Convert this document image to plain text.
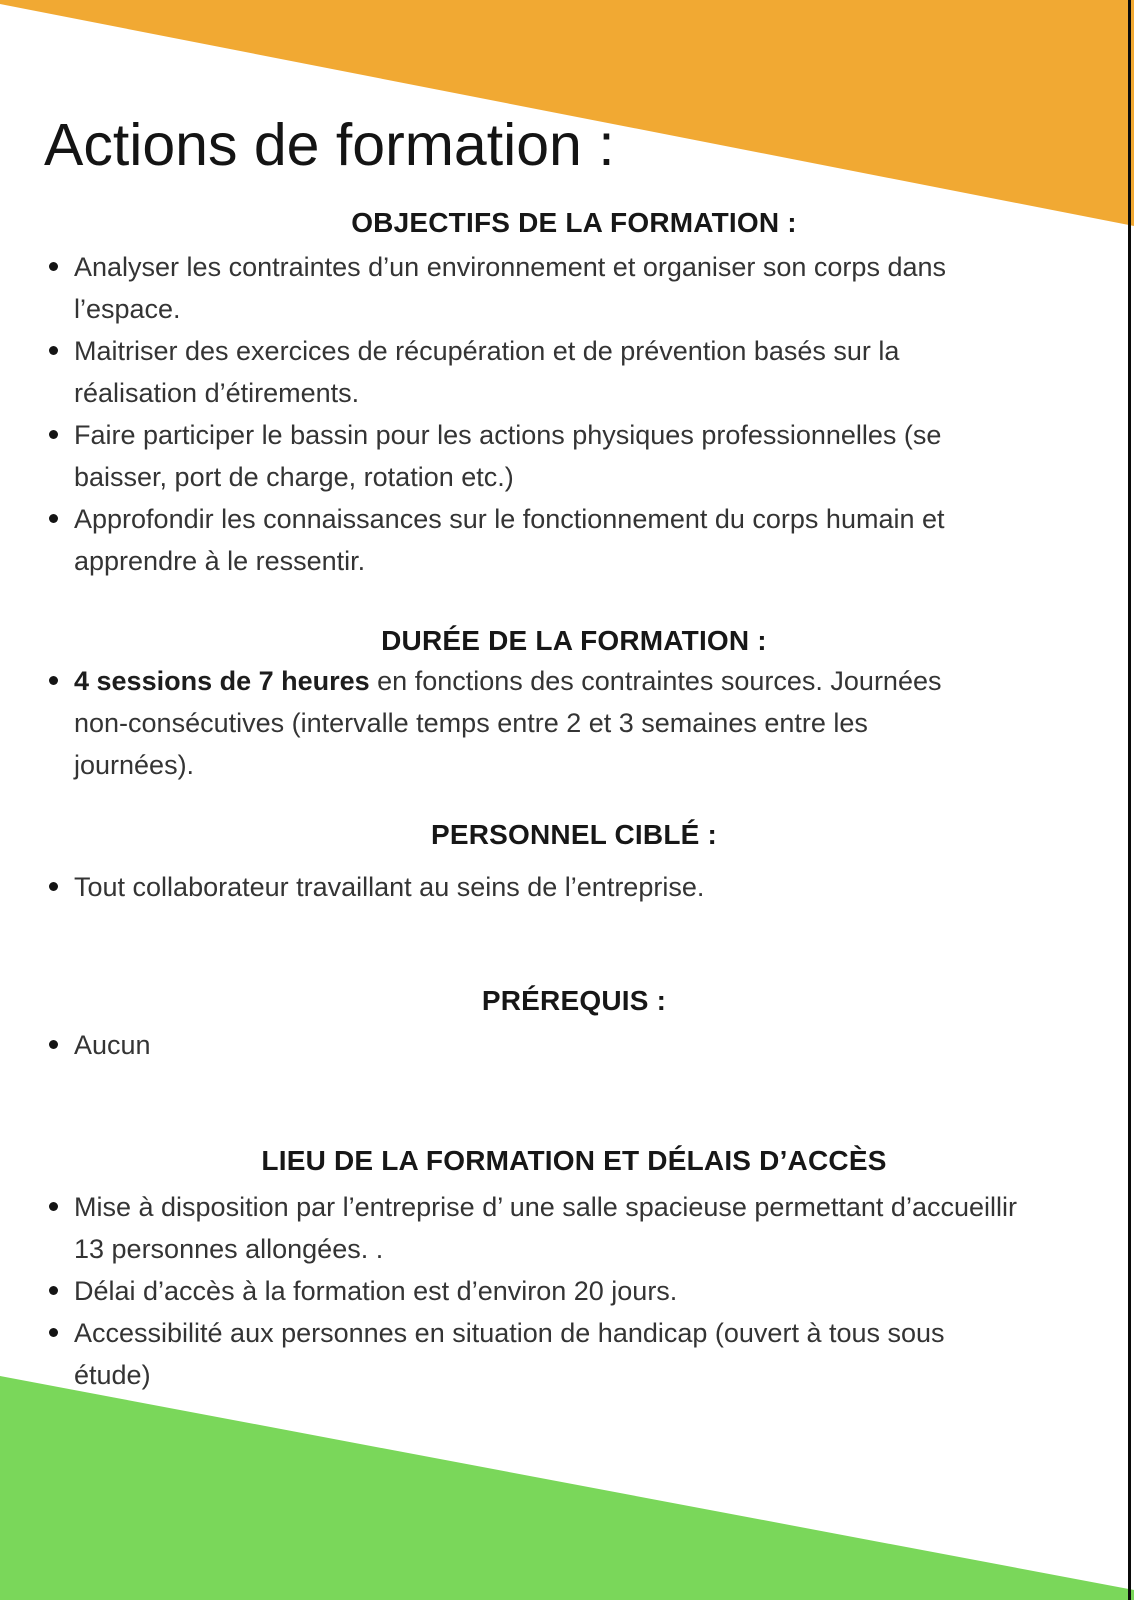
Actions de formation :
OBJECTIFS DE LA FORMATION :
Analyser les contraintes d’un environnement et organiser son corps dans
l’espace.
Maitriser des exercices de récupération et de prévention basés sur la
réalisation d’étirements.
Faire participer le bassin pour les actions physiques professionnelles (se
baisser, port de charge, rotation etc.)
Approfondir les connaissances sur le fonctionnement du corps humain et
apprendre à le ressentir.
DURÉE DE LA FORMATION :
4 sessions de 7 heures en fonctions des contraintes sources. Journées
non-consécutives (intervalle temps entre 2 et 3 semaines entre les
journées).
PERSONNEL CIBLÉ :
Tout collaborateur travaillant au seins de l’entreprise.
PRÉREQUIS :
Aucun
LIEU DE LA FORMATION ET DÉLAIS D’ACCÈS
Mise à disposition par l’entreprise d’ une salle spacieuse permettant d’accueillir
13 personnes allongées. .
Délai d’accès à la formation est d’environ 20 jours.
Accessibilité aux personnes en situation de handicap (ouvert à tous sous
étude)
